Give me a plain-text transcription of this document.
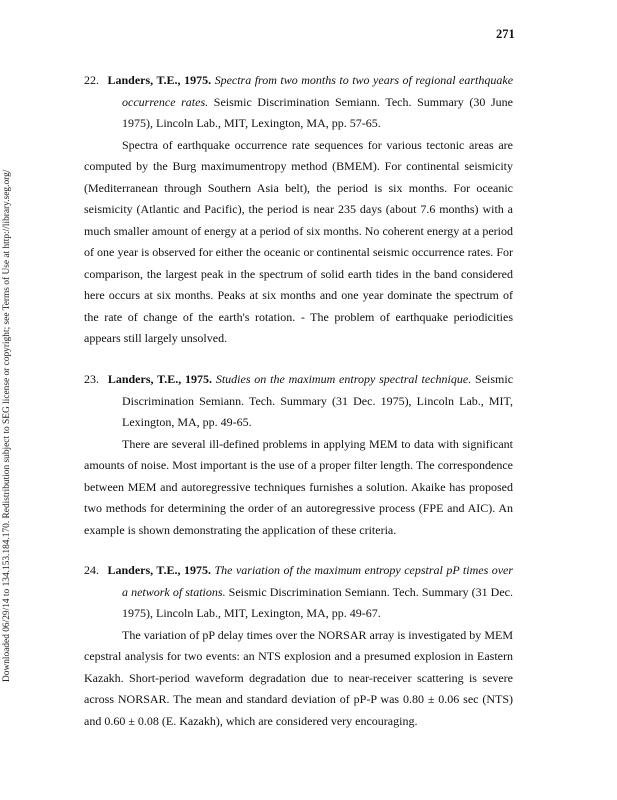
271
Downloaded 06/29/14 to 134.153.184.170. Redistribution subject to SEG license or copyright; see Terms of Use at http://library.seg.org/

22. Landers, T.E., 1975. Spectra from two months to two years of regional earthquake occurrence rates. Seismic Discrimination Semiann. Tech. Summary (30 June 1975), Lincoln Lab., MIT, Lexington, MA, pp. 57-65.

Spectra of earthquake occurrence rate sequences for various tectonic areas are computed by the Burg maximumentropy method (BMEM). For continental seismicity (Mediterranean through Southern Asia belt), the period is six months. For oceanic seismicity (Atlantic and Pacific), the period is near 235 days (about 7.6 months) with a much smaller amount of energy at a period of six months. No coherent energy at a period of one year is observed for either the oceanic or continental seismic occurrence rates. For comparison, the largest peak in the spectrum of solid earth tides in the band considered here occurs at six months. Peaks at six months and one year dominate the spectrum of the rate of change of the earth's rotation. - The problem of earthquake periodicities appears still largely unsolved.

23. Landers, T.E., 1975. Studies on the maximum entropy spectral technique. Seismic Discrimination Semiann. Tech. Summary (31 Dec. 1975), Lincoln Lab., MIT, Lexington, MA, pp. 49-65.

There are several ill-defined problems in applying MEM to data with significant amounts of noise. Most important is the use of a proper filter length. The correspondence between MEM and autoregressive techniques furnishes a solution. Akaike has proposed two methods for determining the order of an autoregressive process (FPE and AIC). An example is shown demonstrating the application of these criteria.

24. Landers, T.E., 1975. The variation of the maximum entropy cepstral pP times over a network of stations. Seismic Discrimination Semiann. Tech. Summary (31 Dec. 1975), Lincoln Lab., MIT, Lexington, MA, pp. 49-67.

The variation of pP delay times over the NORSAR array is investigated by MEM cepstral analysis for two events: an NTS explosion and a presumed explosion in Eastern Kazakh. Short-period waveform degradation due to near-receiver scattering is severe across NORSAR. The mean and standard deviation of pP-P was 0.80 ± 0.06 sec (NTS) and 0.60 ± 0.08 (E. Kazakh), which are considered very encouraging.
